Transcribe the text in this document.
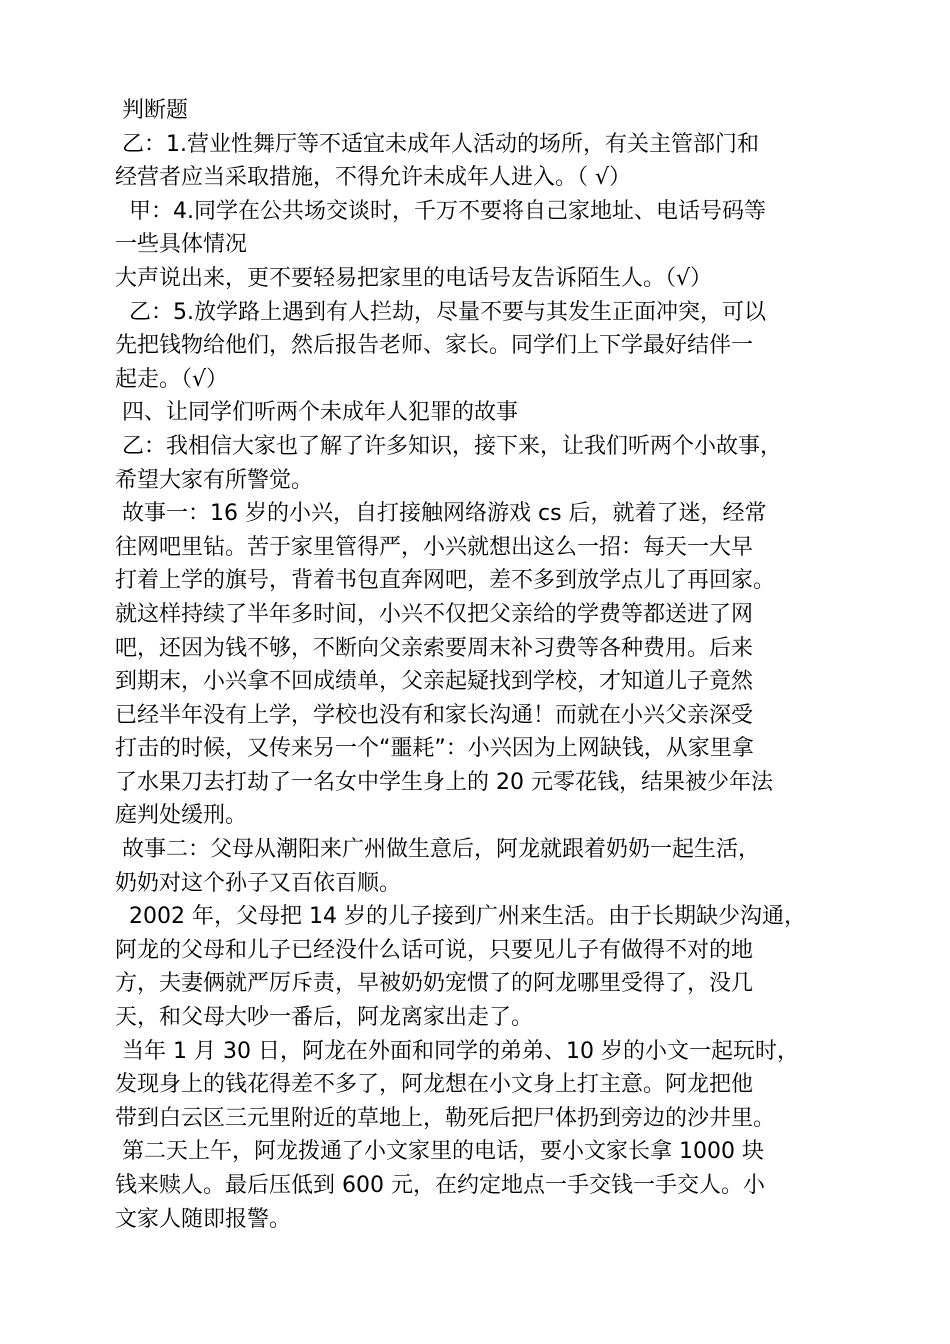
判断题

乙：1.营业性舞厅等不适宜未成年人活动的场所，有关主管部门和

经营者应当采取措施，不得允许未成年人进入。（ √）

甲：4.同学在公共场交谈时，千万不要将自己家地址、电话号码等

一些具体情况

大声说出来，更不要轻易把家里的电话号友告诉陌生人。（√）

乙：5.放学路上遇到有人拦劫，尽量不要与其发生正面冲突，可以

先把钱物给他们，然后报告老师、家长。同学们上下学最好结伴一

起走。（√）

四、让同学们听两个未成年人犯罪的故事

乙：我相信大家也了解了许多知识，接下来，让我们听两个小故事，

希望大家有所警觉。

故事一：16 岁的小兴，自打接触网络游戏 cs 后，就着了迷，经常

往网吧里钻。苦于家里管得严，小兴就想出这么一招：每天一大早

打着上学的旗号，背着书包直奔网吧，差不多到放学点儿了再回家。

就这样持续了半年多时间，小兴不仅把父亲给的学费等都送进了网

吧，还因为钱不够，不断向父亲索要周末补习费等各种费用。后来

到期末，小兴拿不回成绩单，父亲起疑找到学校，才知道儿子竟然

已经半年没有上学，学校也没有和家长沟通！而就在小兴父亲深受

打击的时候，又传来另一个“噩耗”：小兴因为上网缺钱，从家里拿

了水果刀去打劫了一名女中学生身上的 20 元零花钱，结果被少年法

庭判处缓刑。

故事二：父母从潮阳来广州做生意后，阿龙就跟着奶奶一起生活，

奶奶对这个孙子又百依百顺。

2002 年，父母把 14 岁的儿子接到广州来生活。由于长期缺少沟通，

阿龙的父母和儿子已经没什么话可说，只要见儿子有做得不对的地

方，夫妻俩就严厉斥责，早被奶奶宠惯了的阿龙哪里受得了，没几

天，和父母大吵一番后，阿龙离家出走了。

当年 1 月 30 日，阿龙在外面和同学的弟弟、10 岁的小文一起玩时，

发现身上的钱花得差不多了，阿龙想在小文身上打主意。阿龙把他

带到白云区三元里附近的草地上，勒死后把尸体扔到旁边的沙井里。

第二天上午，阿龙拨通了小文家里的电话，要小文家长拿 1000 块

钱来赎人。最后压低到 600 元，在约定地点一手交钱一手交人。小

文家人随即报警。
